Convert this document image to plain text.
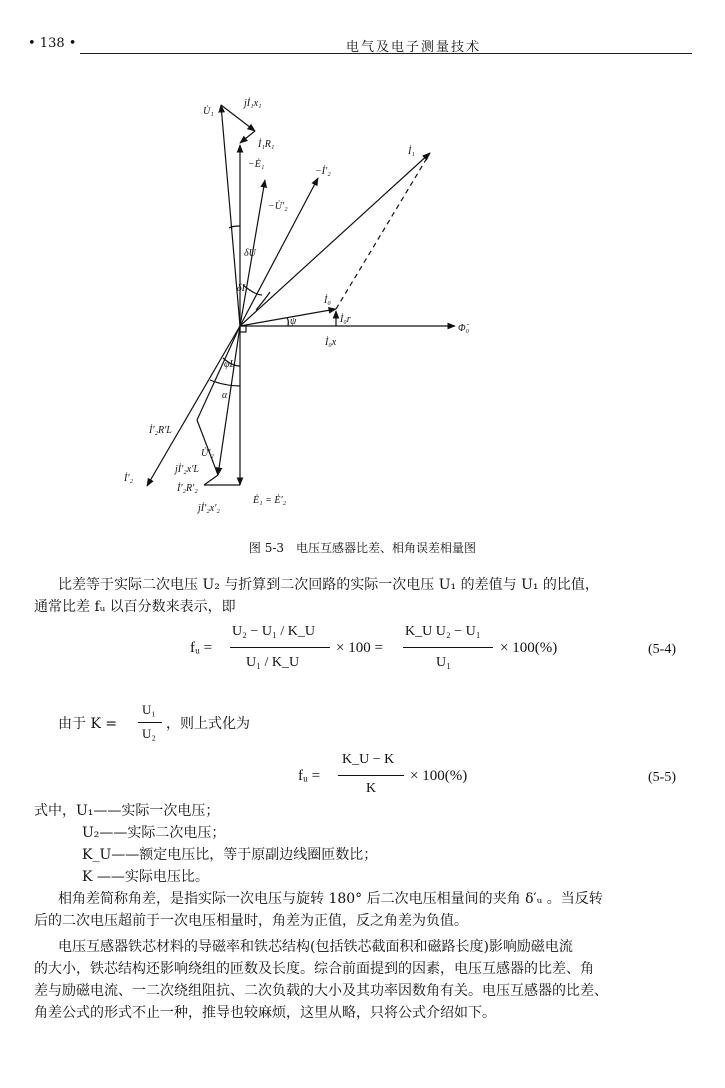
• 138 •	电气及电子测量技术
U̇₁
jİ₁x₁
İ₁R₁
−Ė₁
−İ′₂
−U̇′₂
İ₁
δU
δI
İ₀
İ₀r
ψ
Φ̇₀
İ₀x
φL
α
İ′₂R′L
U̇′₂
jİ′₂x′L
İ′₂
İ′₂R′₂
jİ′₂x′₂
Ė₁ = Ė′₂
图 5-3　电压互感器比差、相角误差相量图
比差等于实际二次电压 U₂ 与折算到二次回路的实际一次电压 U₁ 的差值与 U₁ 的比值，
通常比差 fᵤ 以百分数来表示，即
fᵤ =
U₂ − U₁ / K_U
U₁ / K_U
× 100 =
K_U U₂ − U₁
U₁
× 100(%)	(5-4)
由于 K =
U₁
U₂
，则上式化为
fᵤ =
K_U − K
K
× 100(%)	(5-5)
式中，U₁——实际一次电压；
U₂——实际二次电压；
K_U——额定电压比，等于原副边线圈匝数比；
K ——实际电压比。
相角差简称角差，是指实际一次电压与旋转 180° 后二次电压相量间的夹角 δ′ᵤ 。当反转
后的二次电压超前于一次电压相量时，角差为正值，反之角差为负值。
电压互感器铁芯材料的导磁率和铁芯结构(包括铁芯截面积和磁路长度)影响励磁电流
的大小，铁芯结构还影响绕组的匝数及长度。综合前面提到的因素，电压互感器的比差、角
差与励磁电流、一二次绕组阻抗、二次负载的大小及其功率因数角有关。电压互感器的比差、
角差公式的形式不止一种，推导也较麻烦，这里从略，只将公式介绍如下。
